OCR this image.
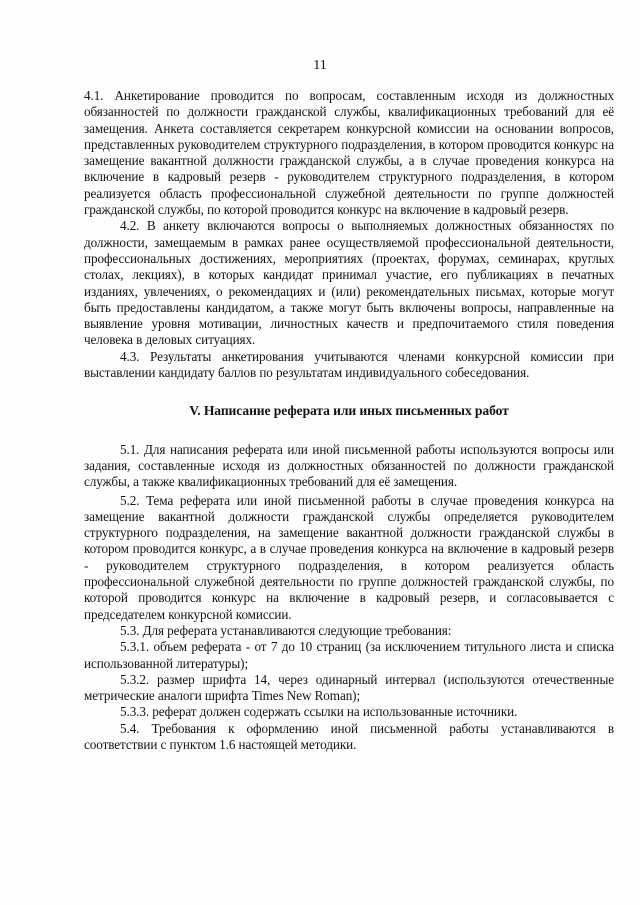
11

4.1. Анкетирование проводится по вопросам, составленным исходя из должностных обязанностей по должности гражданской службы, квалификационных требований для её замещения. Анкета составляется секретарем конкурсной комиссии на основании вопросов, представленных руководителем структурного подразделения, в котором проводится конкурс на замещение вакантной должности гражданской службы, а в случае проведения конкурса на включение в кадровый резерв - руководителем структурного подразделения, в котором реализуется область профессиональной служебной деятельности по группе должностей гражданской службы, по которой проводится конкурс на включение в кадровый резерв.

4.2. В анкету включаются вопросы о выполняемых должностных обязанностях по должности, замещаемым в рамках ранее осуществляемой профессиональной деятельности, профессиональных достижениях, мероприятиях (проектах, форумах, семинарах, круглых столах, лекциях), в которых кандидат принимал участие, его публикациях в печатных изданиях, увлечениях, о рекомендациях и (или) рекомендательных письмах, которые могут быть предоставлены кандидатом, а также могут быть включены вопросы, направленные на выявление уровня мотивации, личностных качеств и предпочитаемого стиля поведения человека в деловых ситуациях.

4.3. Результаты анкетирования учитываются членами конкурсной комиссии при выставлении кандидату баллов по результатам индивидуального собеседования.

V. Написание реферата или иных письменных работ

5.1. Для написания реферата или иной письменной работы используются вопросы или задания, составленные исходя из должностных обязанностей по должности гражданской службы, а также квалификационных требований для её замещения.

5.2. Тема реферата или иной письменной работы в случае проведения конкурса на замещение вакантной должности гражданской службы определяется руководителем структурного подразделения, на замещение вакантной должности гражданской службы в котором проводится конкурс, а в случае проведения конкурса на включение в кадровый резерв - руководителем структурного подразделения, в котором реализуется область профессиональной служебной деятельности по группе должностей гражданской службы, по которой проводится конкурс на включение в кадровый резерв, и согласовывается с председателем конкурсной комиссии.

5.3. Для реферата устанавливаются следующие требования:

5.3.1. объем реферата - от 7 до 10 страниц (за исключением титульного листа и списка использованной литературы);

5.3.2. размер шрифта 14, через одинарный интервал (используются отечественные метрические аналоги шрифта Times New Roman);

5.3.3. реферат должен содержать ссылки на использованные источники.

5.4. Требования к оформлению иной письменной работы устанавливаются в соответствии с пунктом 1.6 настоящей методики.
